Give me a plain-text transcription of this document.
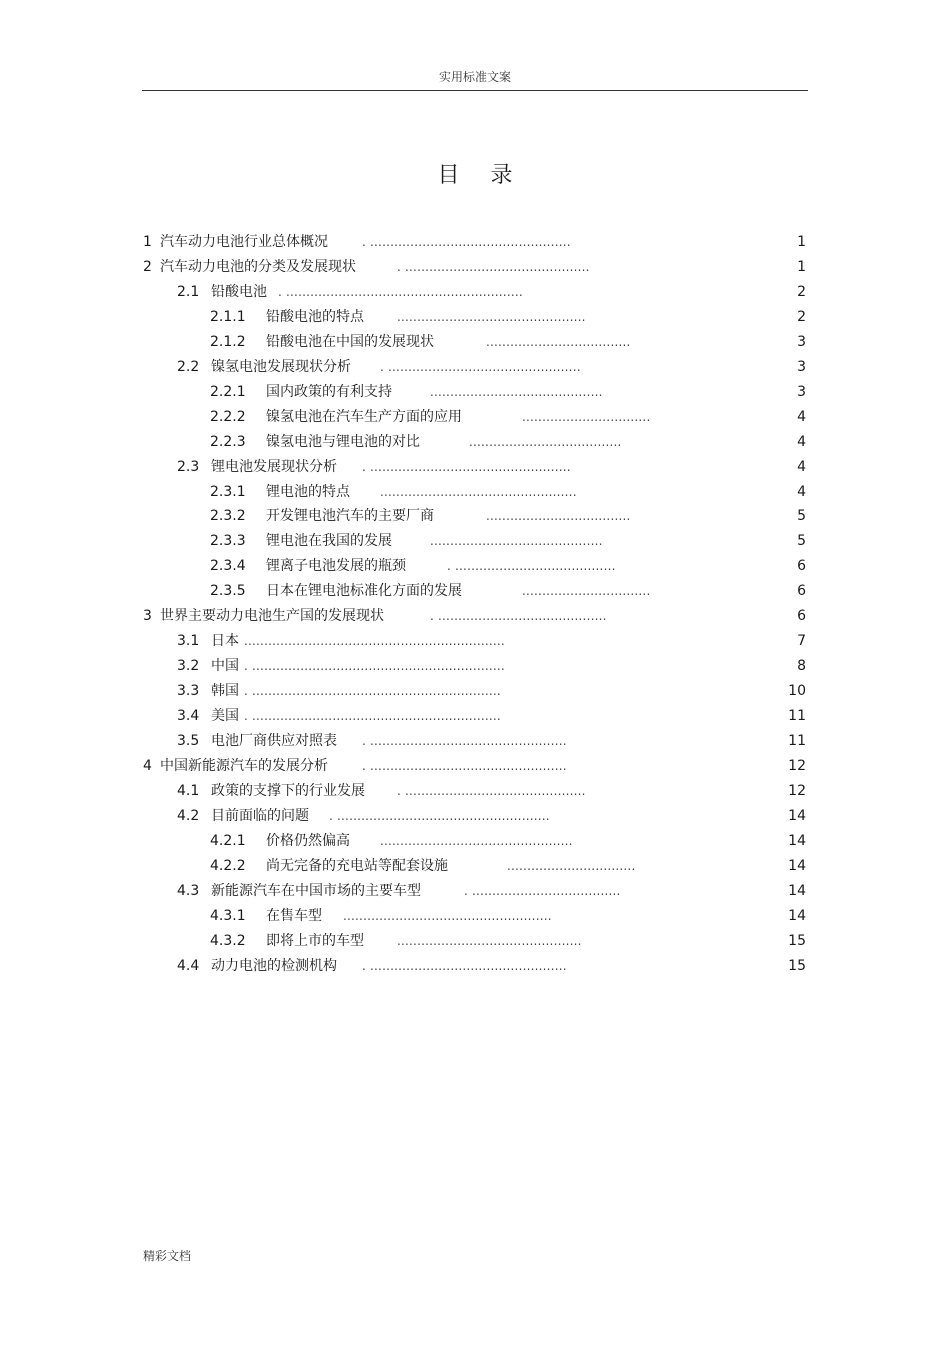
实用标准文案
目 录
1 汽车动力电池行业总体概况	. ..................................................	1
2 汽车动力电池的分类及发展现状	. ..............................................	1
2.1 铅酸电池 . ...........................................................	2
2.1.1 铅酸电池的特点	...............................................	2
2.1.2 铅酸电池在中国的发展现状	....................................	3
2.2 镍氢电池发展现状分析 . ................................................	3
2.2.1 国内政策的有利支持	...........................................	3
2.2.2 镍氢电池在汽车生产方面的应用	................................	4
2.2.3 镍氢电池与锂电池的对比	......................................	4
2.3 锂电池发展现状分析 . ..................................................	4
2.3.1 锂电池的特点	.................................................	4
2.3.2 开发锂电池汽车的主要厂商	....................................	5
2.3.3 锂电池在我国的发展	...........................................	5
2.3.4 锂离子电池发展的瓶颈	. ........................................	6
2.3.5 日本在锂电池标准化方面的发展	................................	6
3 世界主要动力电池生产国的发展现状	. ..........................................	6
3.1 日本 .................................................................	7
3.2 中国 . ...............................................................	8
3.3 韩国 . ..............................................................	10
3.4 美国 . ..............................................................	11
3.5 电池厂商供应对照表 . .................................................	11
4 中国新能源汽车的发展分析	. .................................................	12
4.1 政策的支撑下的行业发展	. .............................................	12
4.2 目前面临的问题 . .....................................................	14
4.2.1 价格仍然偏高	................................................	14
4.2.2 尚无完备的充电站等配套设施	................................	14
4.3 新能源汽车在中国市场的主要车型	. .....................................	14
4.3.1 在售车型 ....................................................	14
4.3.2 即将上市的车型	..............................................	15
4.4 动力电池的检测机构 . .................................................	15
精彩文档
